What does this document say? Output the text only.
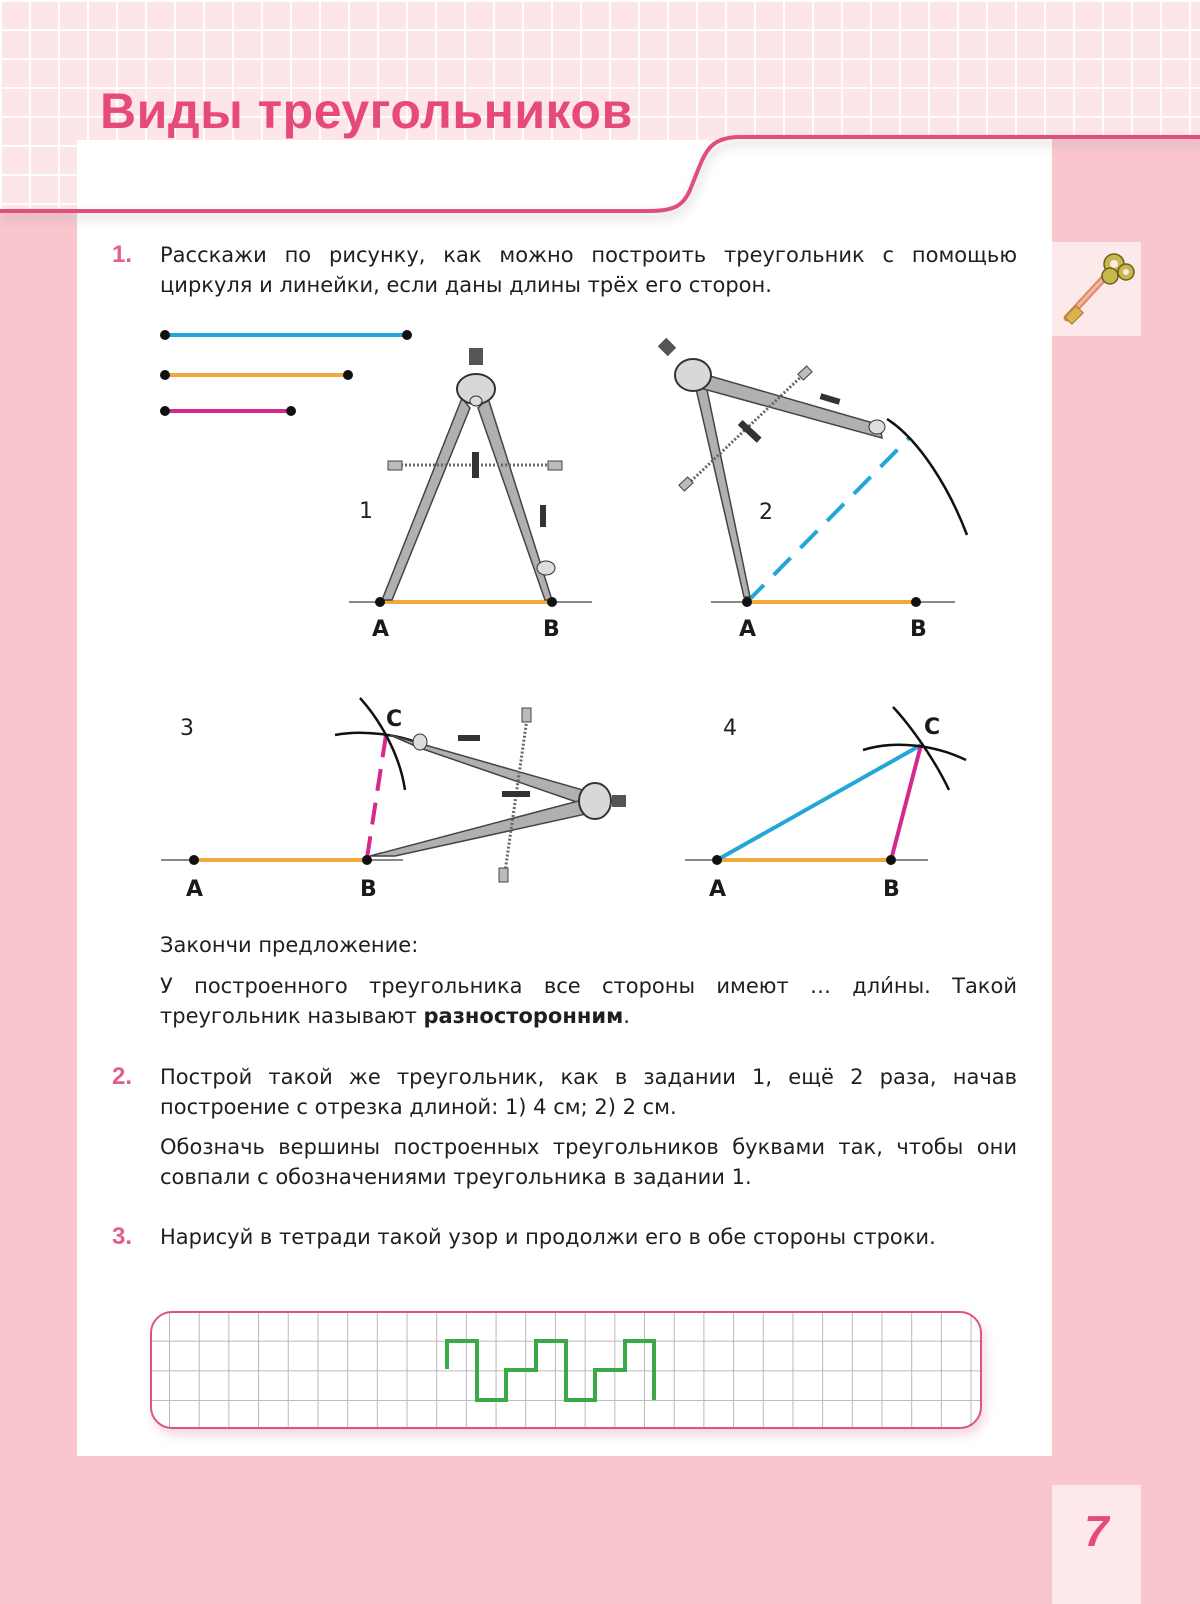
Виды треугольников
1. Расскажи по рисунку, как можно построить треугольник с помощью циркуля и линейки, если даны длины трёх его сторон.
1
A	B
2
A	B
3
A	B
C	4
A	B
C
Закончи предложение:
У построенного треугольника все стороны имеют … дли́ны. Такой треугольник называют разносторонним.
2. Построй такой же треугольник, как в задании 1, ещё 2 раза, начав построение с отрезка длиной: 1) 4 см; 2) 2 см.
Обозначь вершины построенных треугольников буквами так, чтобы они совпали с обозначениями треугольника в задании 1.
3. Нарисуй в тетради такой узор и продолжи его в обе стороны строки.
7
